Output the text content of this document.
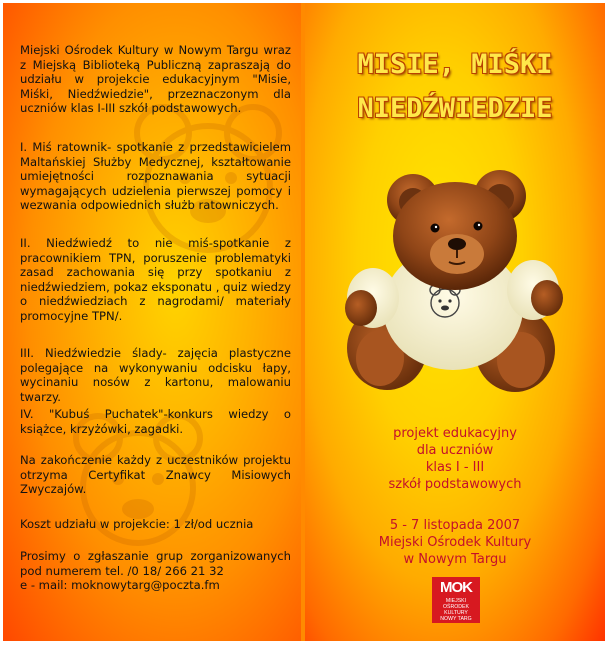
Miejski Ośrodek Kultury w Nowym Targu wraz z Miejską Biblioteką Publiczną zapraszają do udziału w projekcie edukacyjnym "Misie, Miśki, Niedźwiedzie", przeznaczonym dla uczniów klas I-III szkół podstawowych.

I. Miś ratownik- spotkanie z przedstawicielem Maltańskiej Służby Medycznej, kształtowanie umiejętności rozpoznawania sytuacji wymagających udzielenia pierwszej pomocy i wezwania odpowiednich służb ratowniczych.

II. Niedźwiedź to nie miś-spotkanie z pracownikiem TPN, poruszenie problematyki zasad zachowania się przy spotkaniu z niedźwiedziem, pokaz eksponatu , quiz wiedzy o niedźwiedziach z nagrodami/ materiały promocyjne TPN/.

III. Niedźwiedzie ślady- zajęcia plastyczne polegające na wykonywaniu odcisku łapy, wycinaniu nosów z kartonu, malowaniu twarzy.

IV. "Kubuś Puchatek"-konkurs wiedzy o książce, krzyżówki, zagadki.

Na zakończenie każdy z uczestników projektu otrzyma Certyfikat Znawcy Misiowych Zwyczajów.

Koszt udziału w projekcie: 1 zł/od ucznia

Prosimy o zgłaszanie grup zorganizowanych pod numerem tel. /0 18/ 266 21 32

e - mail: moknowytarg@poczta.fm

MISIE, MIŚKI
NIEDŹWIEDZIE

projekt edukacyjny

dla uczniów

klas I - III

szkół podstawowych

5 - 7 listopada 2007

Miejski Ośrodek Kultury

w Nowym Targu

MOK
MIEJSKI
OŚRODEK
KULTURY
NOWY TARG
